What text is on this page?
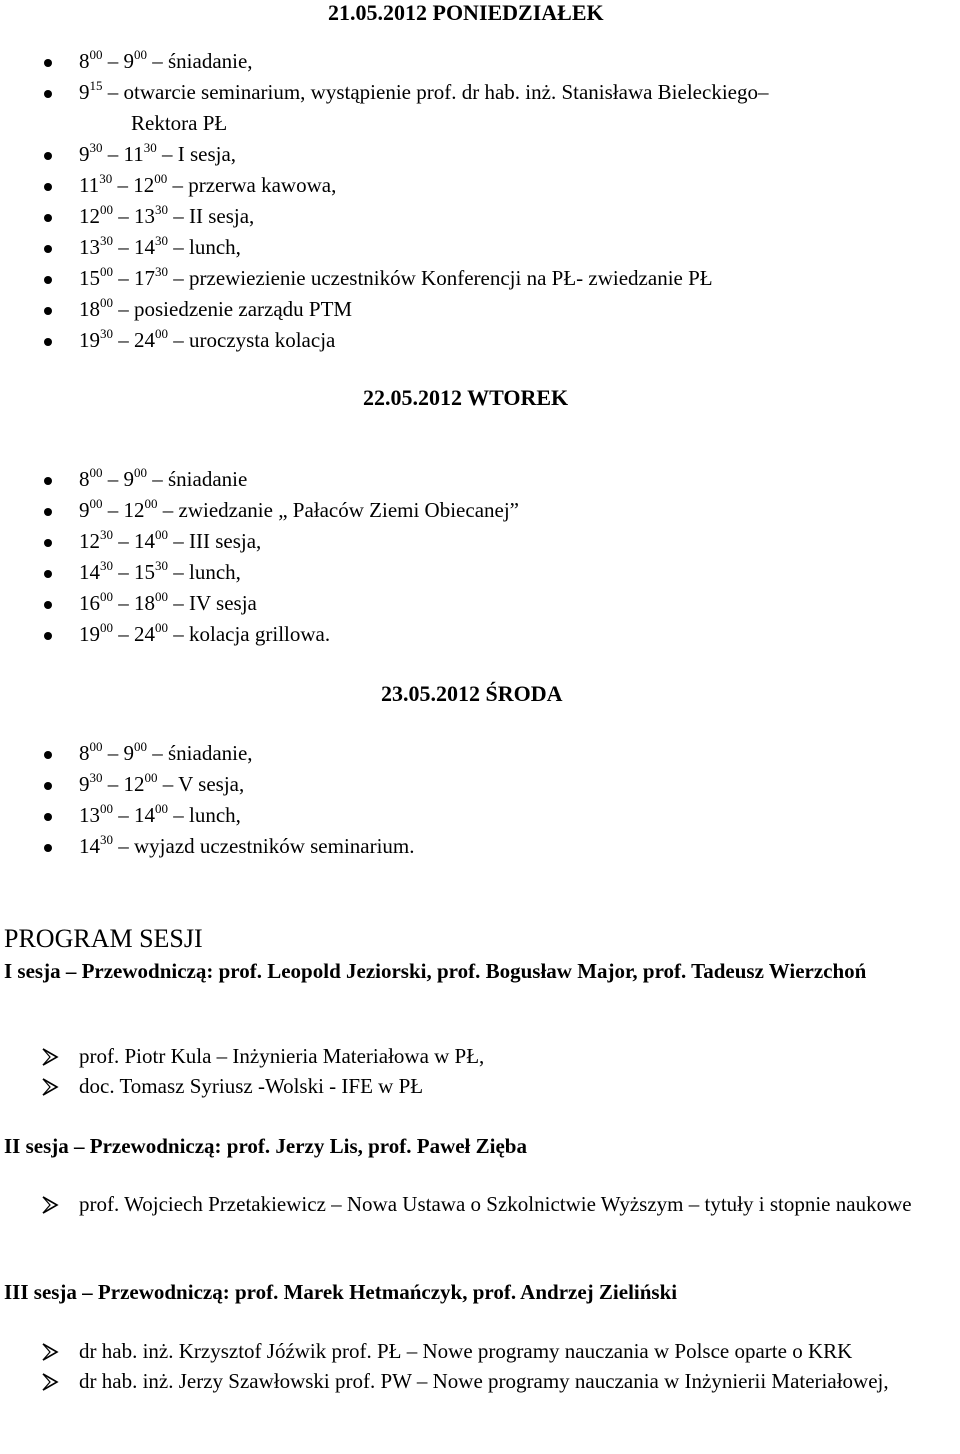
21.05.2012 PONIEDZIAŁEK
$8^{00} - 9^{00}$ – śniadanie,
$9^{15}$ – otwarcie seminarium, wystąpienie prof. dr hab. inż. Stanisława Bieleckiego–
Rektora PŁ
$9^{30} - 11^{30}$ – I sesja,
$11^{30} - 12^{00}$ – przerwa kawowa,
$12^{00} - 13^{30}$ – II sesja,
$13^{30} - 14^{30}$ – lunch,
$15^{00} - 17^{30}$ – przewiezienie uczestników Konferencji na PŁ- zwiedzanie PŁ
$18^{00}$ – posiedzenie zarządu PTM
$19^{30} - 24^{00}$ – uroczysta kolacja
22.05.2012 WTOREK
$8^{00} - 9^{00}$ – śniadanie
$9^{00} - 12^{00}$ – zwiedzanie „ Pałaców Ziemi Obiecanej”
$12^{30} - 14^{00}$ – III sesja,
$14^{30} - 15^{30}$ – lunch,
$16^{00} - 18^{00}$ – IV sesja
$19^{00} - 24^{00}$ – kolacja grillowa.
23.05.2012 ŚRODA
$8^{00} - 9^{00}$ – śniadanie,
$9^{30} - 12^{00}$ – V sesja,
$13^{00} - 14^{00}$ – lunch,
$14^{30}$ – wyjazd uczestników seminarium.
PROGRAM SESJI
I sesja – Przewodniczą: prof. Leopold Jeziorski, prof. Bogusław Major, prof. Tadeusz Wierzchoń
prof. Piotr Kula – Inżynieria Materiałowa w PŁ,
doc. Tomasz Syriusz -Wolski - IFE w PŁ
II sesja – Przewodniczą: prof. Jerzy Lis, prof. Paweł Zięba
prof. Wojciech Przetakiewicz – Nowa Ustawa o Szkolnictwie Wyższym – tytuły i stopnie naukowe
III sesja – Przewodniczą: prof. Marek Hetmańczyk, prof. Andrzej Zieliński
dr hab. inż. Krzysztof Jóźwik prof. PŁ – Nowe programy nauczania w Polsce oparte o KRK
dr hab. inż. Jerzy Szawłowski prof. PW – Nowe programy nauczania w Inżynierii Materiałowej,
